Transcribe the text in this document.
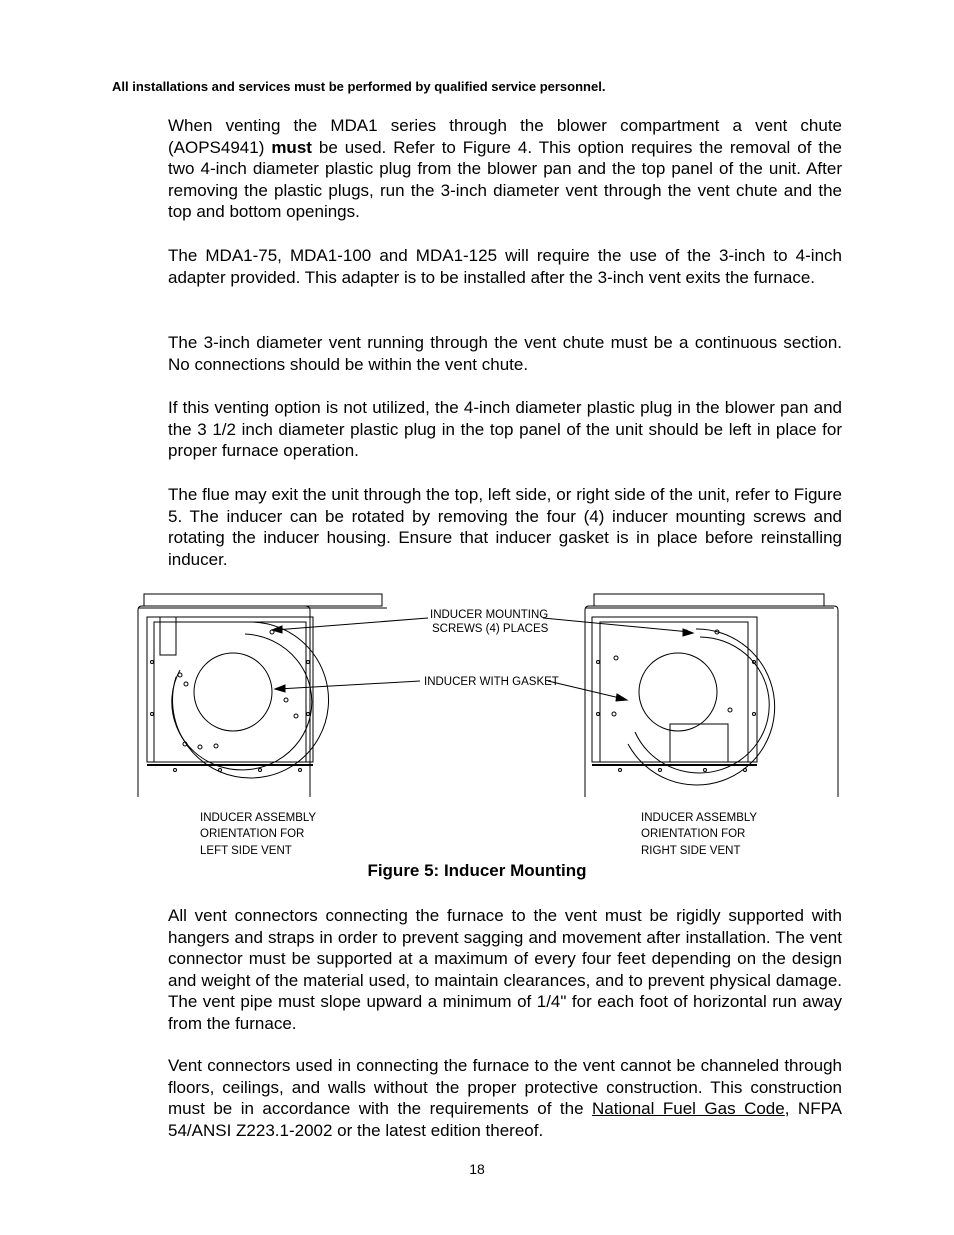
All installations and services must be performed by qualified service personnel.
When venting the MDA1 series through the blower compartment a vent chute (AOPS4941) must be used. Refer to Figure 4. This option requires the removal of the two 4-inch diameter plastic plug from the blower pan and the top panel of the unit. After removing the plastic plugs, run the 3-inch diameter vent through the vent chute and the top and bottom openings.
The MDA1-75, MDA1-100 and MDA1-125 will require the use of the 3-inch to 4-inch adapter provided. This adapter is to be installed after the 3-inch vent exits the furnace.
The 3-inch diameter vent running through the vent chute must be a continuous section. No connections should be within the vent chute.
If this venting option is not utilized, the 4-inch diameter plastic plug in the blower pan and the 3 1/2 inch diameter plastic plug in the top panel of the unit should be left in place for proper furnace operation.
The flue may exit the unit through the top, left side, or right side of the unit, refer to Figure 5. The inducer can be rotated by removing the four (4) inducer mounting screws and rotating the inducer housing. Ensure that inducer gasket is in place before reinstalling inducer.
INDUCER MOUNTING
SCREWS (4) PLACES
INDUCER WITH GASKET
INDUCER ASSEMBLY
ORIENTATION FOR
LEFT SIDE VENT
INDUCER ASSEMBLY
ORIENTATION FOR
RIGHT SIDE VENT
Figure 5: Inducer Mounting
All vent connectors connecting the furnace to the vent must be rigidly supported with hangers and straps in order to prevent sagging and movement after installation. The vent connector must be supported at a maximum of every four feet depending on the design and weight of the material used, to maintain clearances, and to prevent physical damage. The vent pipe must slope upward a minimum of 1/4" for each foot of horizontal run away from the furnace.
Vent connectors used in connecting the furnace to the vent cannot be channeled through floors, ceilings, and walls without the proper protective construction. This construction must be in accordance with the requirements of the National Fuel Gas Code, NFPA 54/ANSI Z223.1-2002 or the latest edition thereof.
18
